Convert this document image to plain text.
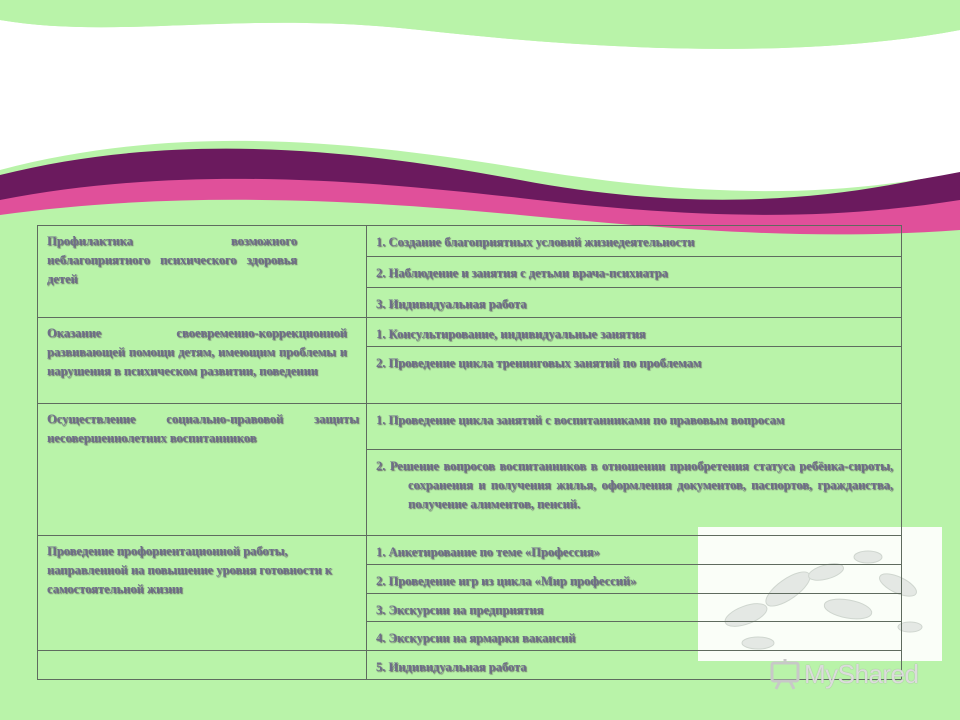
Профилактика возможного неблагоприятного психического здоровья детей	1. Создание благоприятных условий жизнедеятельности

	2. Наблюдение и занятия с детьми врача-психиатра

	3. Индивидуальная работа

Оказание своевременно-коррекционной развивающей помощи детям, имеющим проблемы и нарушения в психическом развитии, поведении	1. Консультирование, индивидуальные занятия

	2. Проведение цикла тренинговых занятий по проблемам

Осуществление социально-правовой защиты несовершеннолетних воспитанников	1. Проведение цикла занятий с воспитанниками по правовым вопросам

	2. Решение вопросов воспитанников в отношении приобретения статуса ребёнка-сироты, сохранения и получения жилья, оформления документов, паспортов, гражданства, получение алиментов, пенсий.

Проведение профориентационной работы, направленной на повышение уровня готовности к самостоятельной жизни	1. Анкетирование по теме «Профессия»

	2. Проведение игр из цикла «Мир профессий»

	3. Экскурсии на предприятия

	4. Экскурсии на ярмарки вакансий

	5. Индивидуальная работа	MyShared
